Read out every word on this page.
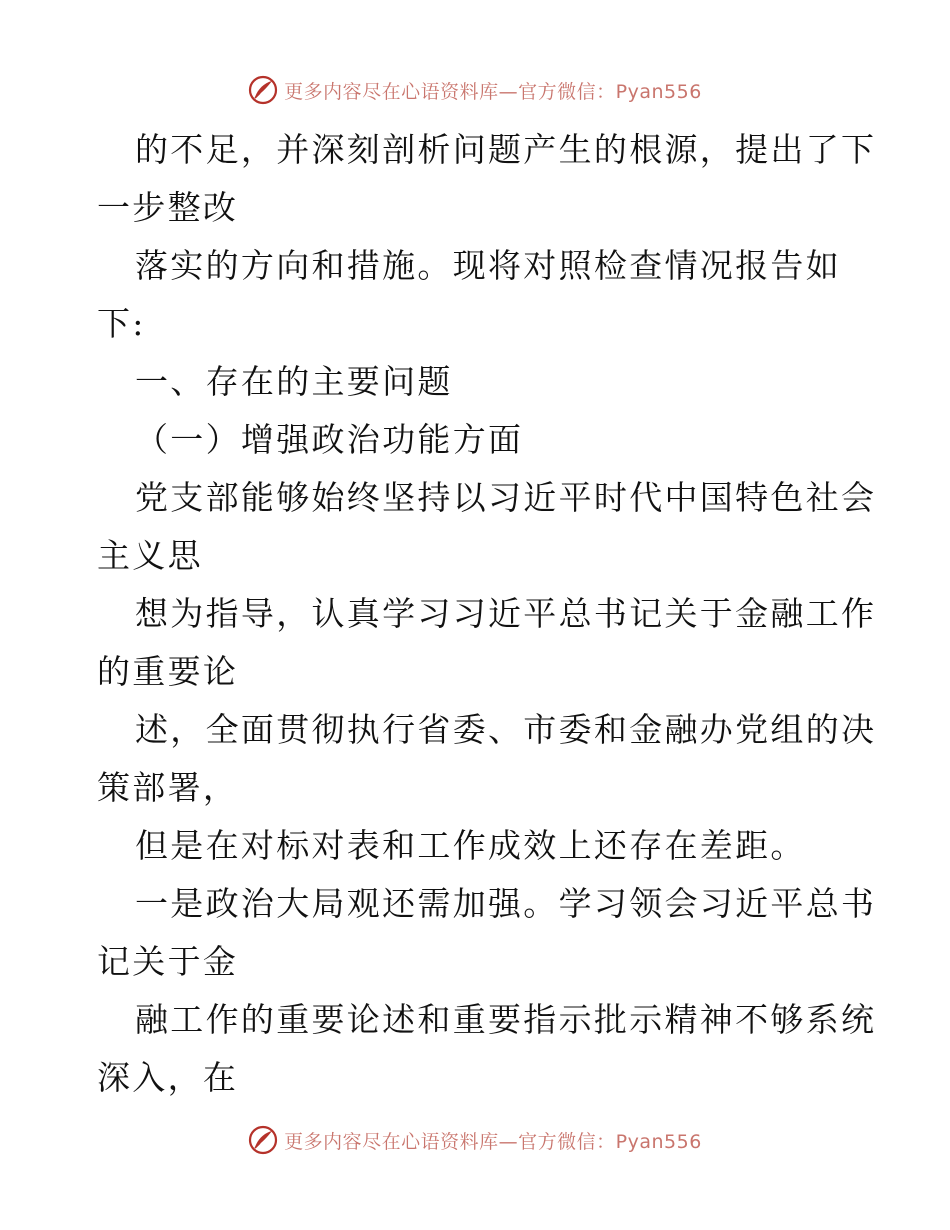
更多内容尽在心语资料库—官方微信：Pyan556
的不足，并深刻剖析问题产生的根源，提出了下
一步整改
落实的方向和措施。现将对照检查情况报告如
下:
一、存在的主要问题
（一）增强政治功能方面
党支部能够始终坚持以习近平时代中国特色社会
主义思
想为指导，认真学习习近平总书记关于金融工作
的重要论
述，全面贯彻执行省委、市委和金融办党组的决
策部署，
但是在对标对表和工作成效上还存在差距。
一是政治大局观还需加强。学习领会习近平总书
记关于金
融工作的重要论述和重要指示批示精神不够系统
深入，在
更多内容尽在心语资料库—官方微信：Pyan556
